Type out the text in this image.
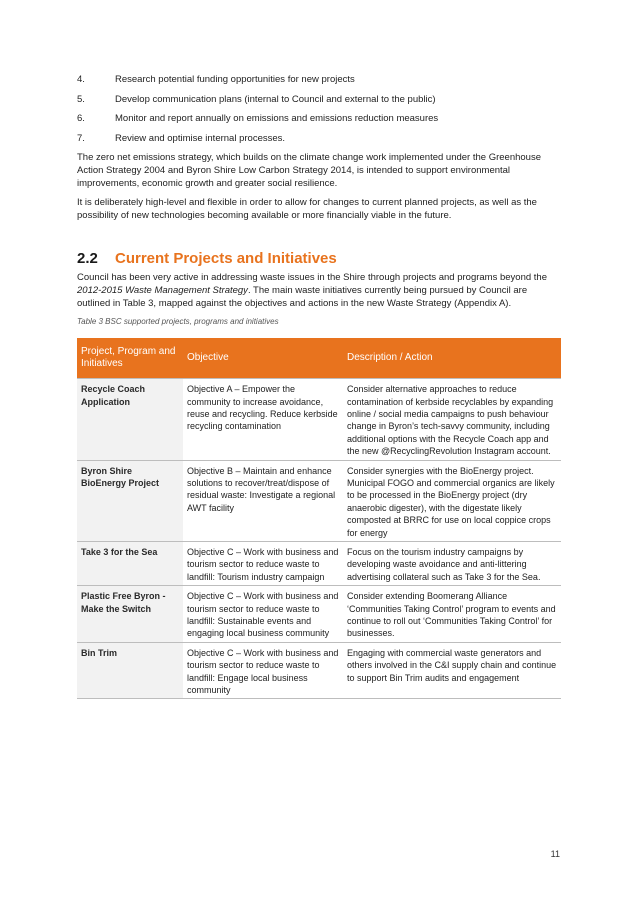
4.	Research potential funding opportunities for new projects
5.	Develop communication plans (internal to Council and external to the public)
6.	Monitor and report annually on emissions and emissions reduction measures
7.	Review and optimise internal processes.

The zero net emissions strategy, which builds on the climate change work implemented under the Greenhouse Action Strategy 2004 and Byron Shire Low Carbon Strategy 2014, is intended to support environmental improvements, economic growth and greater social resilience.

It is deliberately high-level and flexible in order to allow for changes to current planned projects, as well as the possibility of new technologies becoming available or more financially viable in the future.

2.2	Current Projects and Initiatives

Council has been very active in addressing waste issues in the Shire through projects and programs beyond the 2012-2015 Waste Management Strategy. The main waste initiatives currently being pursued by Council are outlined in Table 3, mapped against the objectives and actions in the new Waste Strategy (Appendix A).

Table 3 BSC supported projects, programs and initiatives
Project, Program and Initiatives	Objective	Description / Action
Recycle Coach Application	Objective A – Empower the community to increase avoidance, reuse and recycling. Reduce kerbside recycling contamination	Consider alternative approaches to reduce contamination of kerbside recyclables by expanding online / social media campaigns to push behaviour change in Byron’s tech-savvy community, including additional options with the Recycle Coach app and the new @RecyclingRevolution Instagram account.
Byron Shire BioEnergy Project	Objective B – Maintain and enhance solutions to recover/treat/dispose of residual waste: Investigate a regional AWT facility	Consider synergies with the BioEnergy project. Municipal FOGO and commercial organics are likely to be processed in the BioEnergy project (dry anaerobic digester), with the digestate likely composted at BRRC for use on local coppice crops for energy
Take 3 for the Sea	Objective C – Work with business and tourism sector to reduce waste to landfill: Tourism industry campaign	Focus on the tourism industry campaigns by developing waste avoidance and anti-littering advertising collateral such as Take 3 for the Sea.
Plastic Free Byron - Make the Switch	Objective C – Work with business and tourism sector to reduce waste to landfill: Sustainable events and engaging local business community	Consider extending Boomerang Alliance ‘Communities Taking Control’ program to events and continue to roll out ‘Communities Taking Control’ for businesses.
Bin Trim	Objective C – Work with business and tourism sector to reduce waste to landfill: Engage local business community	Engaging with commercial waste generators and others involved in the C&I supply chain and continue to support Bin Trim audits and engagement
11
